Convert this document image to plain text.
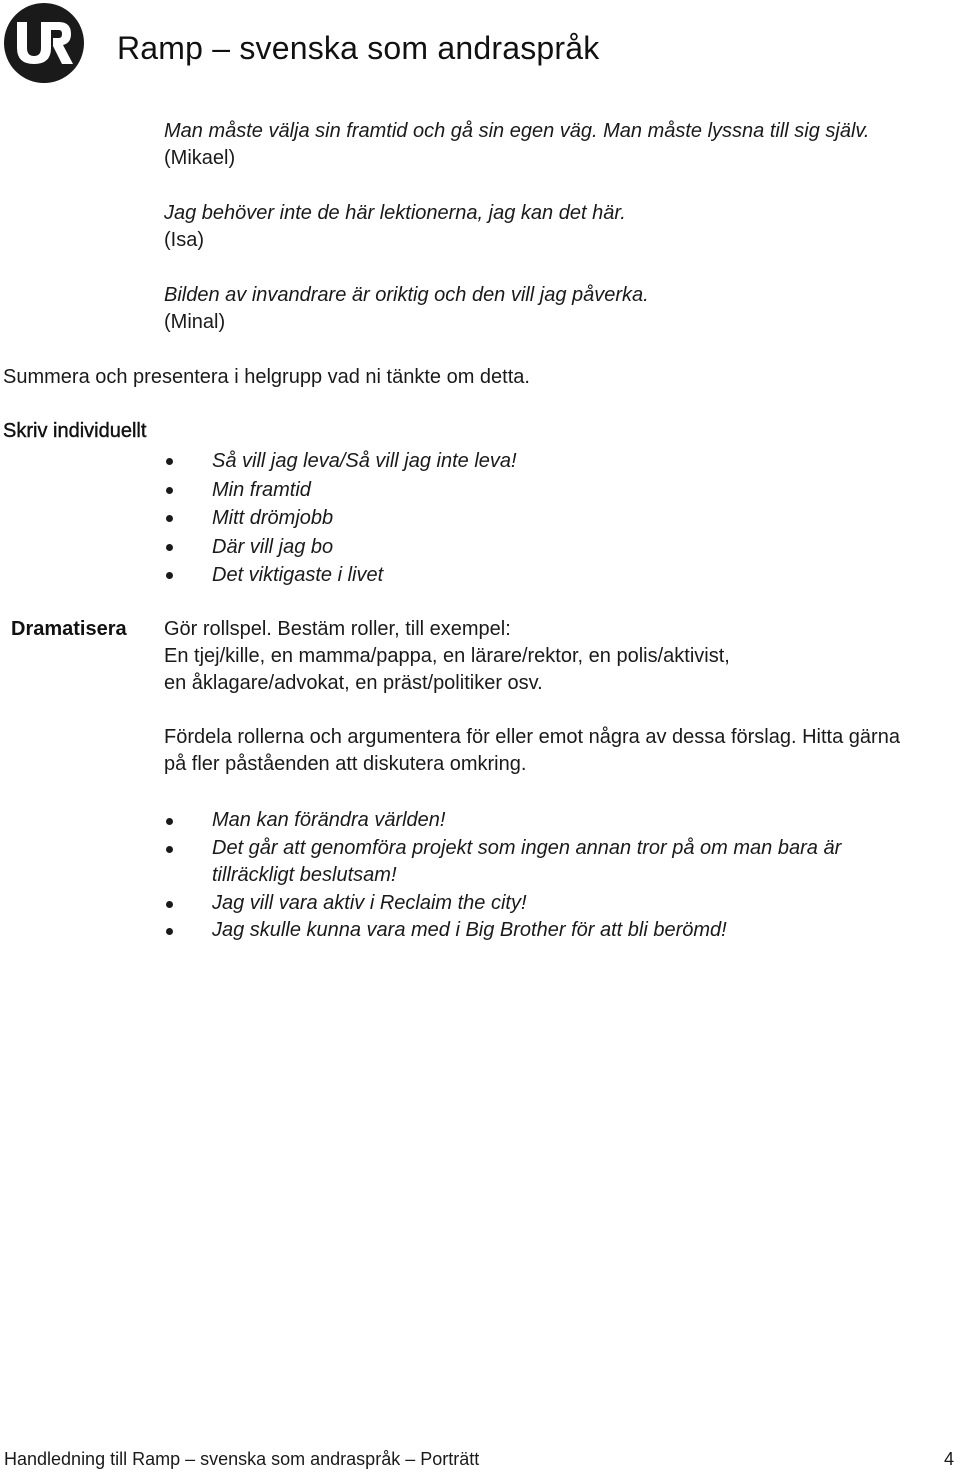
Ramp – svenska som andraspråk
Man måste välja sin framtid och gå sin egen väg. Man måste lyssna till sig själv.
(Mikael)
Jag behöver inte de här lektionerna, jag kan det här.
(Isa)
Bilden av invandrare är oriktig och den vill jag påverka.
(Minal)
Summera och presentera i helgrupp vad ni tänkte om detta.
Skriv individuellt
Så vill jag leva/Så vill jag inte leva!
Min framtid
Mitt drömjobb
Där vill jag bo
Det viktigaste i livet
Dramatisera Gör rollspel. Bestäm roller, till exempel:
En tjej/kille, en mamma/pappa, en lärare/rektor, en polis/aktivist,
en åklagare/advokat, en präst/politiker osv.
Fördela rollerna och argumentera för eller emot några av dessa förslag. Hitta gärna
på fler påståenden att diskutera omkring.
Man kan förändra världen!
Det går att genomföra projekt som ingen annan tror på om man bara är
tillräckligt beslutsam!
Jag vill vara aktiv i Reclaim the city!
Jag skulle kunna vara med i Big Brother för att bli berömd!
Handledning till Ramp – svenska som andraspråk – Porträtt	4
